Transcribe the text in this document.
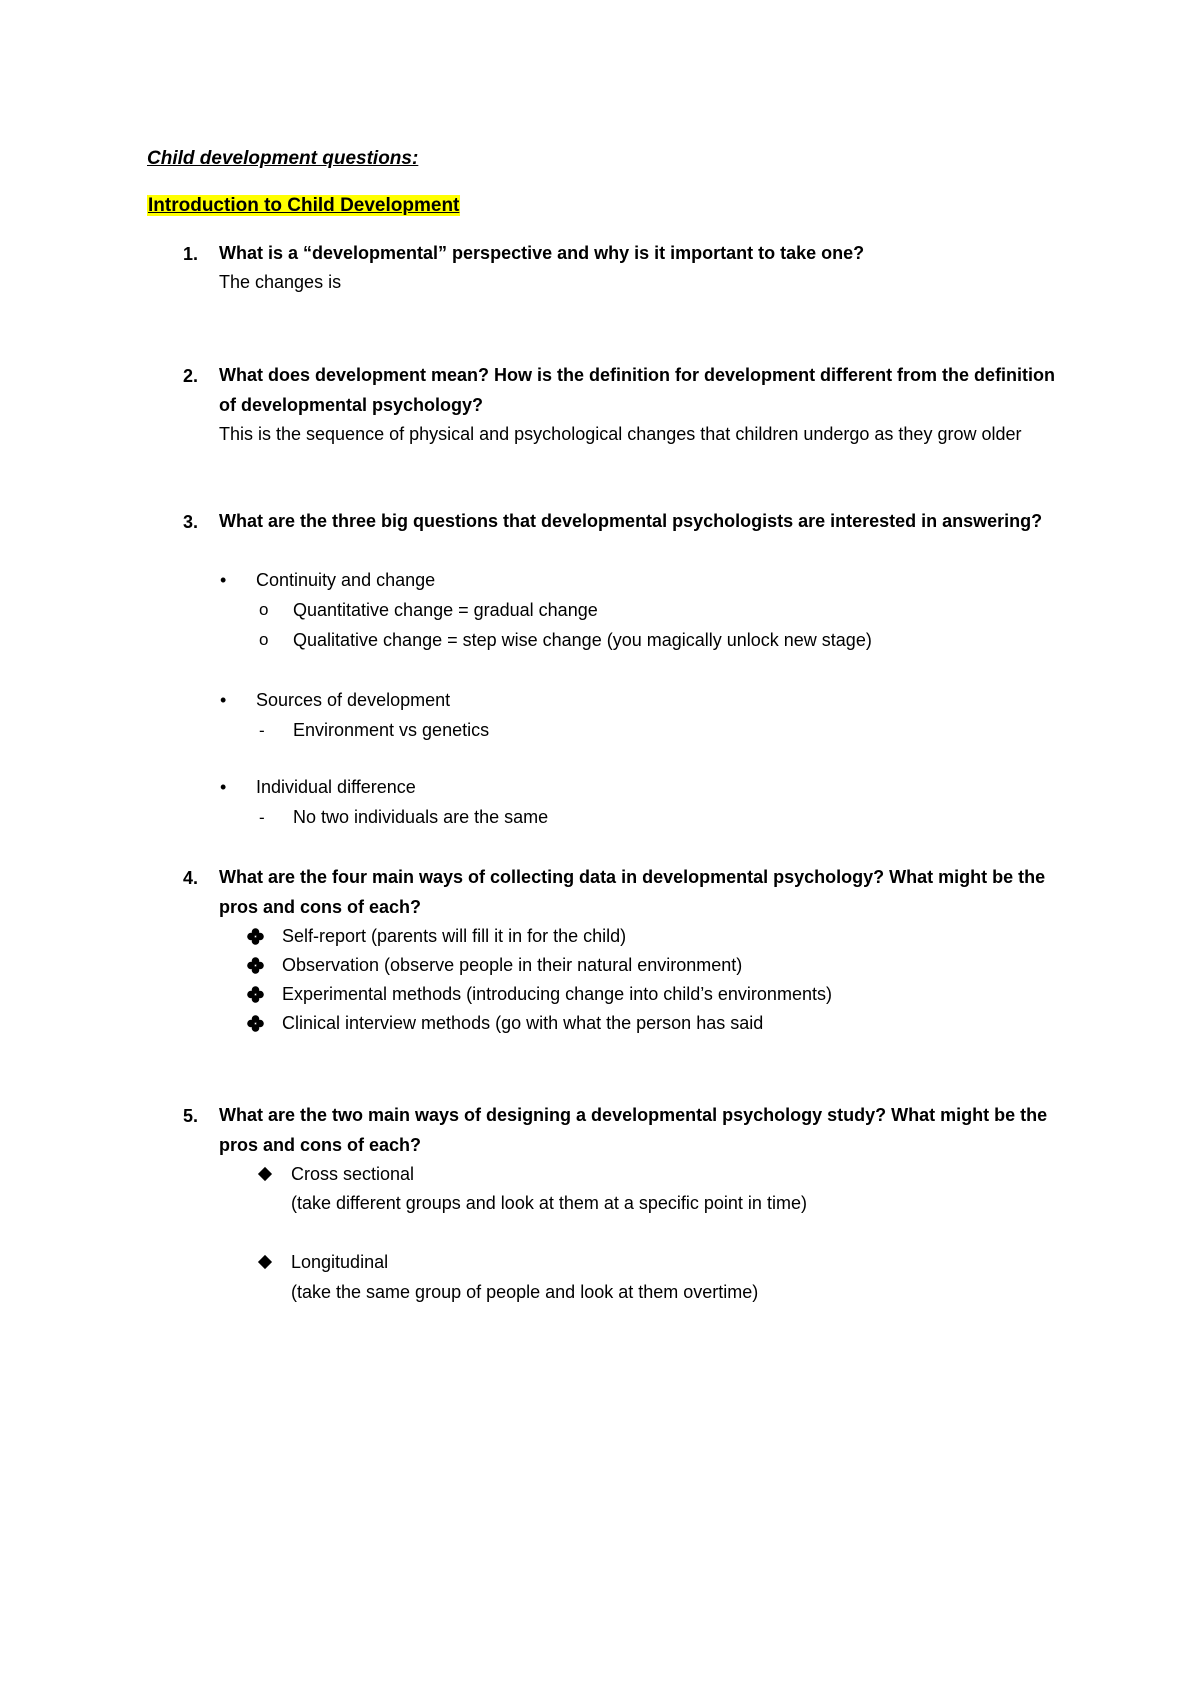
Child development questions:
Introduction to Child Development
1. What is a “developmental” perspective and why is it important to take one?
The changes is
2. What does development mean? How is the definition for development different from the definition of developmental psychology?
This is the sequence of physical and psychological changes that children undergo as they grow older
3. What are the three big questions that developmental psychologists are interested in answering?
• Continuity and change
o Quantitative change = gradual change
o Qualitative change = step wise change (you magically unlock new stage)
• Sources of development
- Environment vs genetics
• Individual difference
- No two individuals are the same
4. What are the four main ways of collecting data in developmental psychology? What might be the pros and cons of each?
Self-report (parents will fill it in for the child)
Observation (observe people in their natural environment)
Experimental methods (introducing change into child’s environments)
Clinical interview methods (go with what the person has said
5. What are the two main ways of designing a developmental psychology study? What might be the pros and cons of each?
Cross sectional
(take different groups and look at them at a specific point in time)
Longitudinal
(take the same group of people and look at them overtime)
